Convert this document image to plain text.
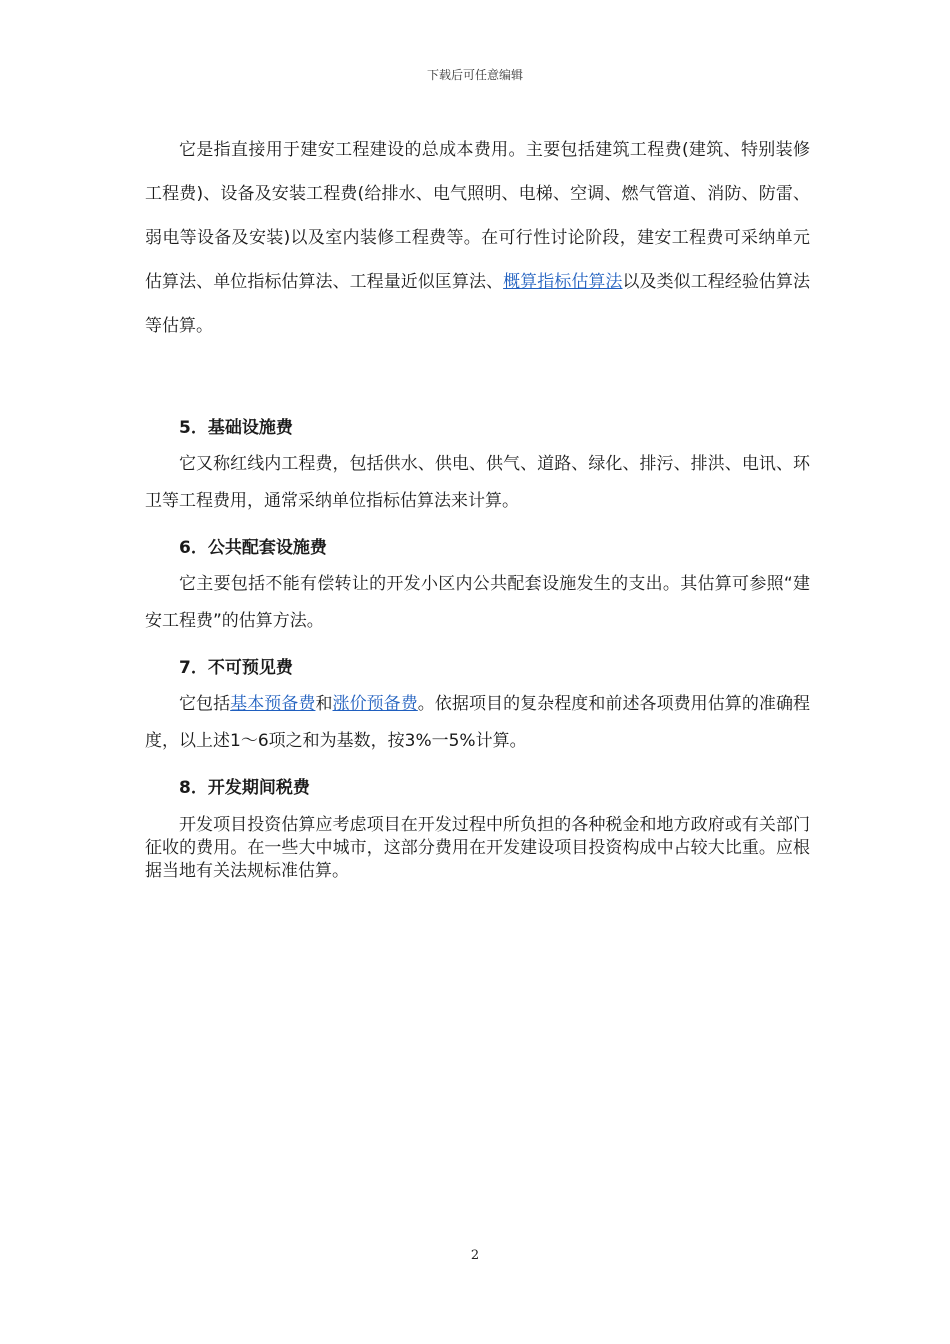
下载后可任意编辑

它是指直接用于建安工程建设的总成本费用。主要包括建筑工程费(建筑、特别装修工程费)、设备及安装工程费(给排水、电气照明、电梯、空调、燃气管道、消防、防雷、弱电等设备及安装)以及室内装修工程费等。在可行性讨论阶段，建安工程费可采纳单元估算法、单位指标估算法、工程量近似匡算法、概算指标估算法以及类似工程经验估算法等估算。

5．基础设施费

它又称红线内工程费，包括供水、供电、供气、道路、绿化、排污、排洪、电讯、环卫等工程费用，通常采纳单位指标估算法来计算。

6．公共配套设施费

它主要包括不能有偿转让的开发小区内公共配套设施发生的支出。其估算可参照“建安工程费”的估算方法。

7．不可预见费

它包括基本预备费和涨价预备费。依据项目的复杂程度和前述各项费用估算的准确程度，以上述1～6项之和为基数，按3%一5%计算。

8．开发期间税费

开发项目投资估算应考虑项目在开发过程中所负担的各种税金和地方政府或有关部门征收的费用。在一些大中城市，这部分费用在开发建设项目投资构成中占较大比重。应根据当地有关法规标准估算。

2
